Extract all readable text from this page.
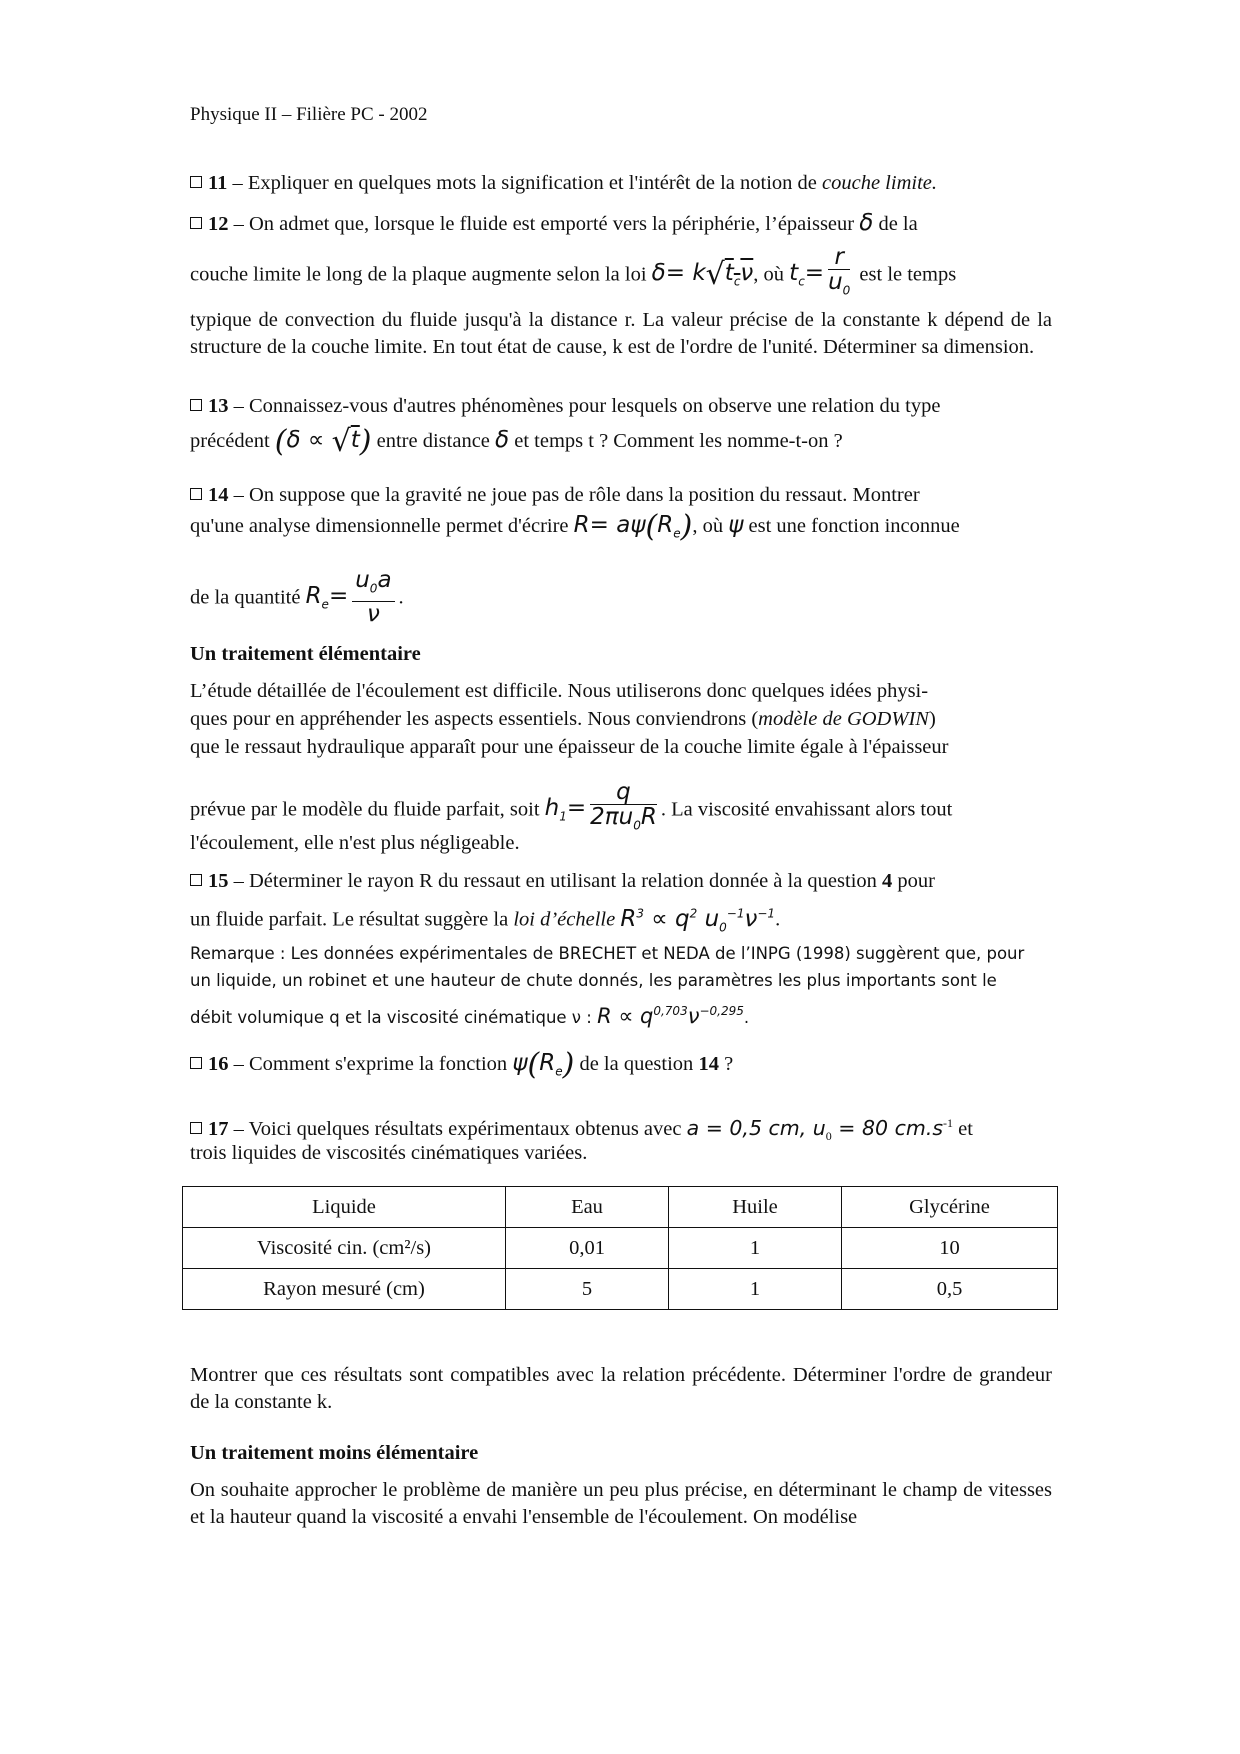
Physique II – Filière PC - 2002
11 – Expliquer en quelques mots la signification et l'intérêt de la notion de couche limite.
12 – On admet que, lorsque le fluide est emporté vers la périphérie, l’épaisseur δ de la
couche limite le long de la plaque augmente selon la loi $\delta= k√t_c\nu$, où $t_c= \frac{r}{u_0}$ est le temps
typique de convection du fluide jusqu'à la distance r. La valeur précise de la constante k dépend de la structure de la couche limite. En tout état de cause, k est de l'ordre de l'unité. Déterminer sa dimension.
13 – Connaissez-vous d'autres phénomènes pour lesquels on observe une relation du type
précédent (δ ∝ √t) entre distance δ et temps t ? Comment les nomme-t-on ?
14 – On suppose que la gravité ne joue pas de rôle dans la position du ressaut. Montrer
qu'une analyse dimensionnelle permet d'écrire $R= a\psi(R_e)$, où ψ est une fonction inconnue
de la quantité $R_e= \frac{u_0a}{\nu}$ .
Un traitement élémentaire
L’étude détaillée de l'écoulement est difficile. Nous utiliserons donc quelques idées physi-
ques pour en appréhender les aspects essentiels. Nous conviendrons (modèle de GODWIN)
que le ressaut hydraulique apparaît pour une épaisseur de la couche limite égale à l'épaisseur
prévue par le modèle du fluide parfait, soit $h_1= \frac{q}{2\pi u_0R}$ . La viscosité envahissant alors tout
l'écoulement, elle n'est plus négligeable.
15 – Déterminer le rayon R du ressaut en utilisant la relation donnée à la question 4 pour
un fluide parfait. Le résultat suggère la loi d’échelle $R^3 \propto q^2$ $u_0^{-1}\nu^{-1}$.
Remarque : Les données expérimentales de BRECHET et NEDA de l’INPG (1998) suggèrent que, pour
un liquide, un robinet et une hauteur de chute donnés, les paramètres les plus importants sont le
débit volumique q et la viscosité cinématique ν : $R \propto q^{0,703}\nu^{-0,295}$.
16 – Comment s'exprime la fonction $\psi(R_e)$ de la question 14 ?
17 – Voici quelques résultats expérimentaux obtenus avec a = 0,5 cm, $u_0 = 80$ $cm.s^{-1}$ et
trois liquides de viscosités cinématiques variées.
Liquide	Eau	Huile	Glycérine
Viscosité cin. (cm²/s)	0,01	1	10
Rayon mesuré (cm)	5	1	0,5
Montrer que ces résultats sont compatibles avec la relation précédente. Déterminer l'ordre de grandeur de la constante k.
Un traitement moins élémentaire
On souhaite approcher le problème de manière un peu plus précise, en déterminant le champ de vitesses et la hauteur quand la viscosité a envahi l'ensemble de l'écoulement. On modélise
